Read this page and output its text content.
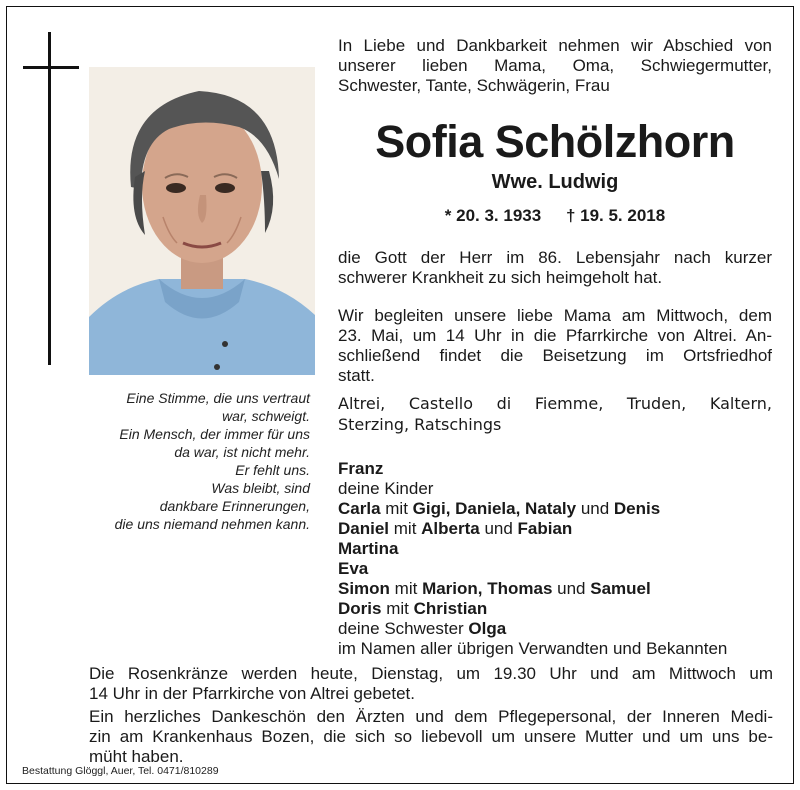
Eine Stimme, die uns vertraut
war, schweigt.
Ein Mensch, der immer für uns
da war, ist nicht mehr.
Er fehlt uns.
Was bleibt, sind
dankbare Erinnerungen,
die uns niemand nehmen kann.
In Liebe und Dankbarkeit nehmen wir Abschied von
unserer lieben Mama, Oma, Schwiegermutter,
Schwester, Tante, Schwägerin, Frau
Sofia Schölzhorn
Wwe. Ludwig
* 20. 3. 1933 † 19. 5. 2018
die Gott der Herr im 86. Lebensjahr nach kurzer
schwerer Krankheit zu sich heimgeholt hat.
Wir begleiten unsere liebe Mama am Mittwoch, dem
23. Mai, um 14 Uhr in die Pfarrkirche von Altrei. An-
schließend findet die Beisetzung im Ortsfriedhof
statt.
Altrei, Castello di Fiemme, Truden, Kaltern,
Sterzing, Ratschings
Franz
deine Kinder
Carla mit Gigi, Daniela, Nataly und Denis
Daniel mit Alberta und Fabian
Martina
Eva
Simon mit Marion, Thomas und Samuel
Doris mit Christian
deine Schwester Olga
im Namen aller übrigen Verwandten und Bekannten
Die Rosenkränze werden heute, Dienstag, um 19.30 Uhr und am Mittwoch um
14 Uhr in der Pfarrkirche von Altrei gebetet.
Ein herzliches Dankeschön den Ärzten und dem Pflegepersonal, der Inneren Medi-
zin am Krankenhaus Bozen, die sich so liebevoll um unsere Mutter und um uns be-
müht haben.
Bestattung Glöggl, Auer, Tel. 0471/810289
